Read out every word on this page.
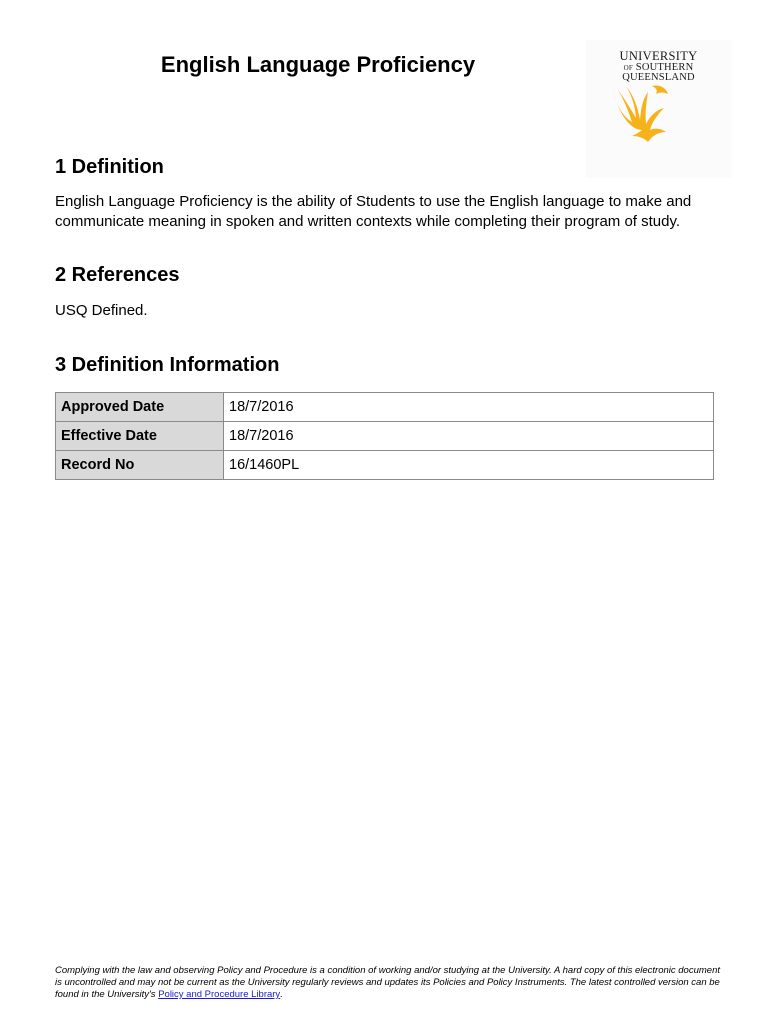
English Language Proficiency	UNIVERSITY
OF SOUTHERN
QUEENSLAND
1 Definition

English Language Proficiency is the ability of Students to use the English language to make and communicate meaning in spoken and written contexts while completing their program of study.

2 References

USQ Defined.

3 Definition Information
Approved Date	18/7/2016
Effective Date	18/7/2016
Record No	16/1460PL
Complying with the law and observing Policy and Procedure is a condition of working and/or studying at the University. A hard copy of this electronic document is uncontrolled and may not be current as the University regularly reviews and updates its Policies and Policy Instruments. The latest controlled version can be found in the University's Policy and Procedure Library.
